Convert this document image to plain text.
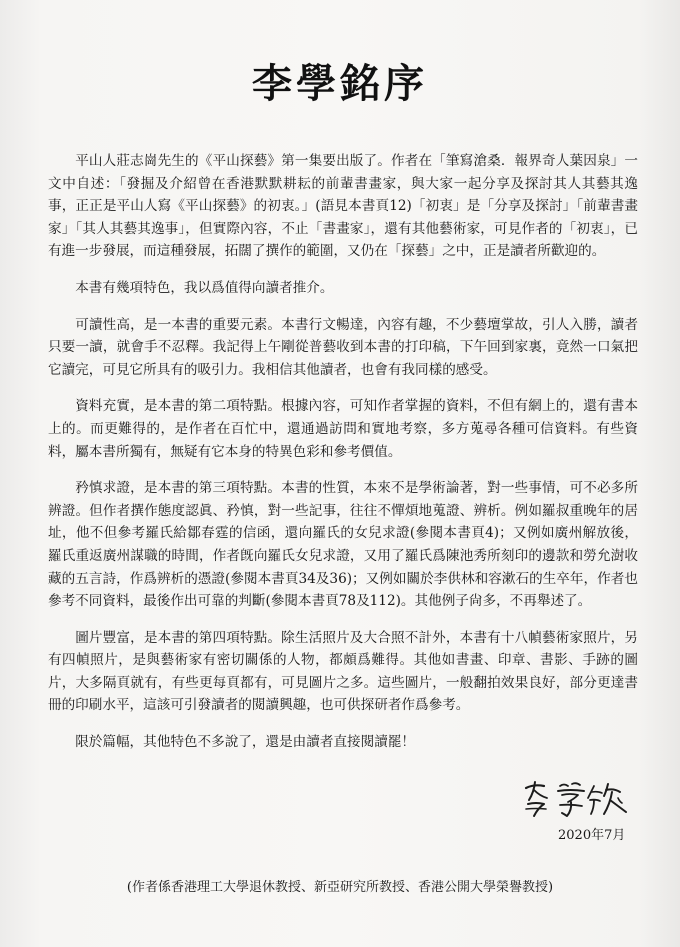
李學銘序

平山人莊志崗先生的《平山探藝》第一集要出版了。作者在「筆寫滄桑．報界奇人葉因泉」一文中自述：「發掘及介紹曾在香港默默耕耘的前輩書畫家，與大家一起分享及探討其人其藝其逸事，正正是平山人寫《平山探藝》的初衷。」(語見本書頁12)「初衷」是「分享及探討」「前輩書畫家」「其人其藝其逸事」，但實際內容，不止「書畫家」，還有其他藝術家，可見作者的「初衷」，已有進一步發展，而這種發展，拓闊了撰作的範圍，又仍在「探藝」之中，正是讀者所歡迎的。

本書有幾項特色，我以爲值得向讀者推介。

可讀性高，是一本書的重要元素。本書行文暢達，內容有趣，不少藝壇掌故，引人入勝，讀者只要一讀，就會手不忍釋。我記得上午剛從普藝收到本書的打印稿，下午回到家裏，竟然一口氣把它讀完，可見它所具有的吸引力。我相信其他讀者，也會有我同樣的感受。

資料充實，是本書的第二項特點。根據內容，可知作者掌握的資料，不但有網上的，還有書本上的。而更難得的，是作者在百忙中，還通過訪問和實地考察，多方蒐尋各種可信資料。有些資料，屬本書所獨有，無疑有它本身的特異色彩和參考價值。

矜慎求證，是本書的第三項特點。本書的性質，本來不是學術論著，對一些事情，可不必多所辨證。但作者撰作態度認眞、矜慎，對一些記事，往往不憚煩地蒐證、辨析。例如羅叔重晚年的居址，他不但參考羅氏給鄒春霆的信函，還向羅氏的女兒求證(參閱本書頁4)；又例如廣州解放後，羅氏重返廣州謀職的時間，作者旣向羅氏女兒求證，又用了羅氏爲陳池秀所刻印的邊款和勞允澍收藏的五言詩，作爲辨析的憑證(參閱本書頁34及36)；又例如關於李供林和容漱石的生卒年，作者也參考不同資料，最後作出可靠的判斷(參閱本書頁78及112)。其他例子尙多，不再舉述了。

圖片豐富，是本書的第四項特點。除生活照片及大合照不計外，本書有十八幀藝術家照片，另有四幀照片，是與藝術家有密切關係的人物，都頗爲難得。其他如書畫、印章、書影、手跡的圖片，大多隔頁就有，有些更每頁都有，可見圖片之多。這些圖片，一般翻拍效果良好，部分更達書冊的印刷水平，這該可引發讀者的閱讀興趣，也可供探研者作爲參考。

限於篇幅，其他特色不多說了，還是由讀者直接閱讀罷！

2020年7月
(作者係香港理工大學退休教授、新亞研究所教授、香港公開大學榮譽教授)
